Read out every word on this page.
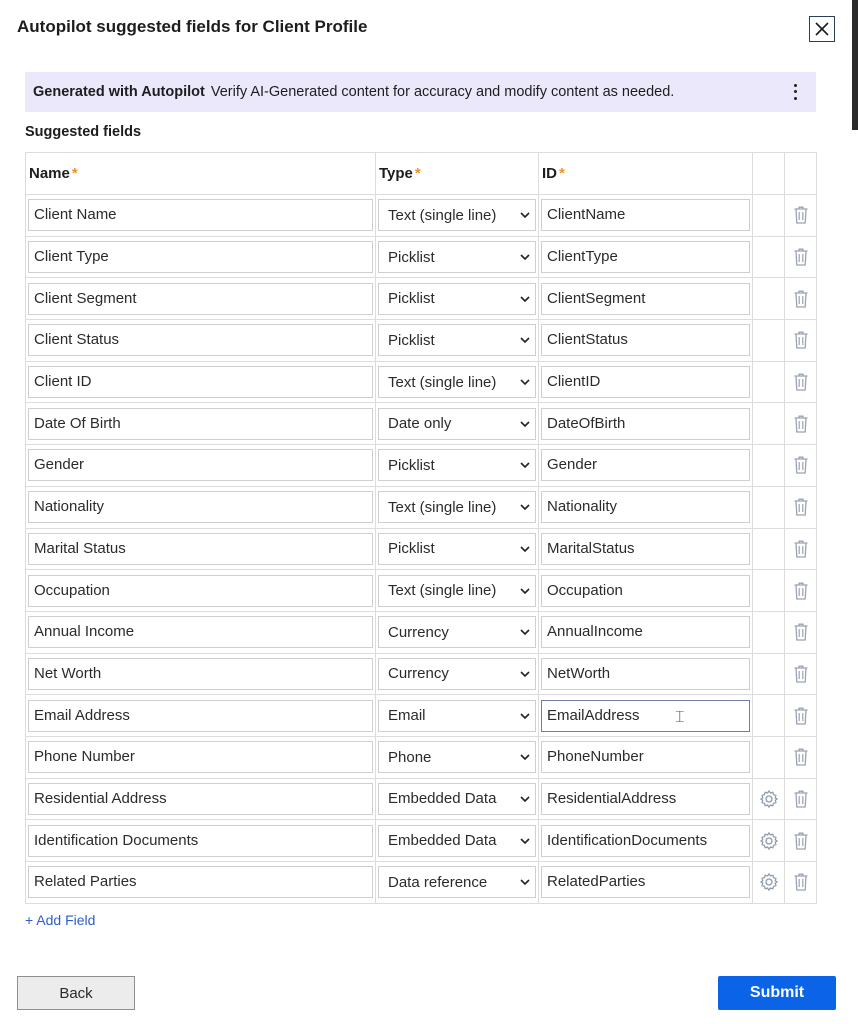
Autopilot suggested fields for Client Profile
Generated with Autopilot Verify AI-Generated content for accuracy and modify content as needed.
Suggested fields
Name *	Type *	ID *		

Client Name	Text (single line)	ClientName

Client Type	Picklist	ClientType

Client Segment	Picklist	ClientSegment

Client Status	Picklist	ClientStatus

Client ID	Text (single line)	ClientID

Date Of Birth	Date only	DateOfBirth

Gender	Picklist	Gender

Nationality	Text (single line)	Nationality

Marital Status	Picklist	MaritalStatus

Occupation	Text (single line)	Occupation

Annual Income	Currency	AnnualIncome

Net Worth	Currency	NetWorth

Email Address	Email	EmailAddress ⌶

Phone Number	Phone	PhoneNumber

Residential Address	Embedded Data	ResidentialAddress

Identification Documents	Embedded Data	IdentificationDocuments

Related Parties	Data reference	RelatedParties

+ Add Field
Back	Submit
